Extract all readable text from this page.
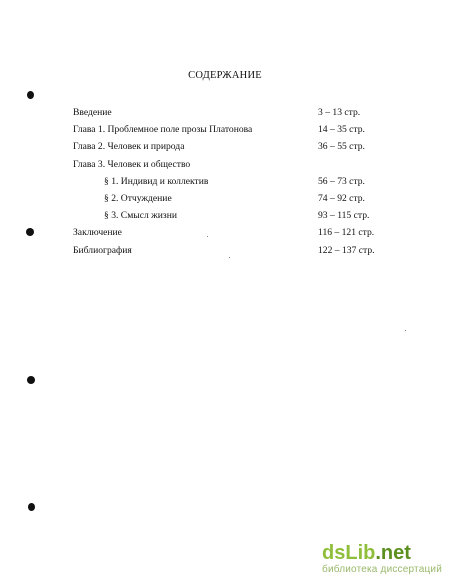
СОДЕРЖАНИЕ
Введение	3 – 13 стр.
Глава 1. Проблемное поле прозы Платонова	14 – 35 стр.
Глава 2. Человек и природа	36 – 55 стр.
Глава 3. Человек и общество
§ 1. Индивид и коллектив	56 – 73 стр.
§ 2. Отчуждение	74 – 92 стр.
§ 3. Смысл жизни	93 – 115 стр.
Заключение	116 – 121 стр.
Библиография	122 – 137 стр.
dsLib.net
библиотека диссертаций
